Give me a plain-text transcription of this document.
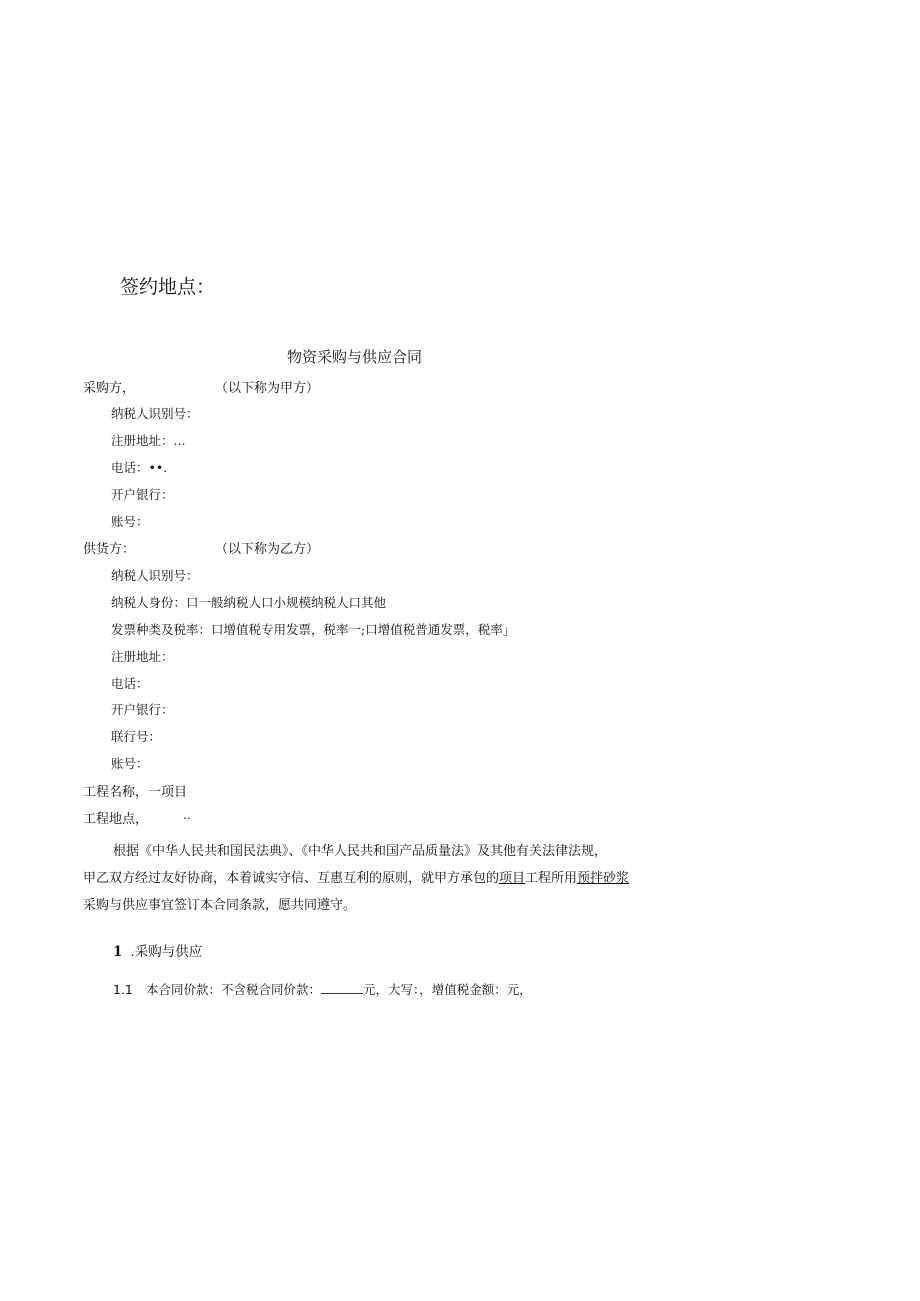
签约地点：
物资采购与供应合同
采购方，	（以下称为甲方）
纳税人识别号：
注册地址：...
电话：••.
开户银行：
账号：
供货方：	（以下称为乙方）
纳税人识别号：
纳税人身份：口一般纳税人口小规模纳税人口其他
发票种类及税率：口增值税专用发票，税率一;口增值税普通发票，税率」
注册地址：
电话：
开户银行：
联行号：
账号：
工程名称，一项目
工程地点，	..
根据《中华人民共和国民法典》、《中华人民共和国产品质量法》及其他有关法律法规，
甲乙双方经过友好协商，本着诚实守信、互惠互利的原则，就甲方承包的项目工程所用预拌砂浆
采购与供应事宜签订本合同条款，愿共同遵守。
1 .采购与供应
1.1 本合同价款：不含税合同价款：	元，大写：，增值税金额：元，
